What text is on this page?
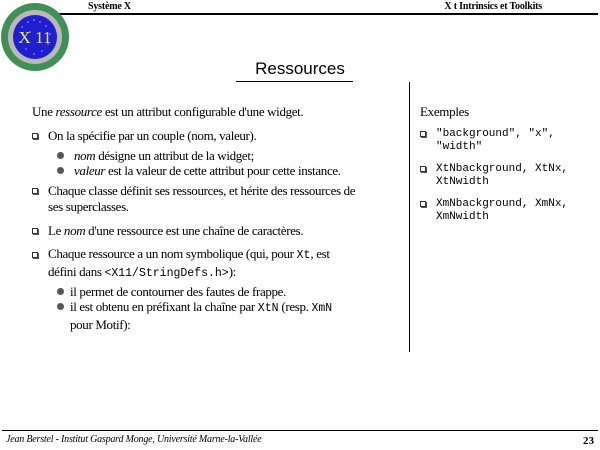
Système X	X t Intrinsics et Toolkits
X 11
Ressources
Une ressource est un attribut configurable d'une widget.
On la spécifie par un couple (nom, valeur).
nom désigne un attribut de la widget;
valeur est la valeur de cette attribut pour cette instance.
Chaque classe définit ses ressources, et hérite des ressources de
ses superclasses.
Le nom d'une ressource est une chaîne de caractères.
Chaque ressource a un nom symbolique (qui, pour Xt, est
défini dans <X11/StringDefs.h>):
il permet de contourner des fautes de frappe.
il est obtenu en préfixant la chaîne par XtN (resp. XmN
pour Motif):
Exemples
"background", "x",
"width"
XtNbackground, XtNx,
XtNwidth
XmNbackground, XmNx,
XmNwidth
Jean Berstel - Institut Gaspard Monge, Université Marne-la-Vallée	23
